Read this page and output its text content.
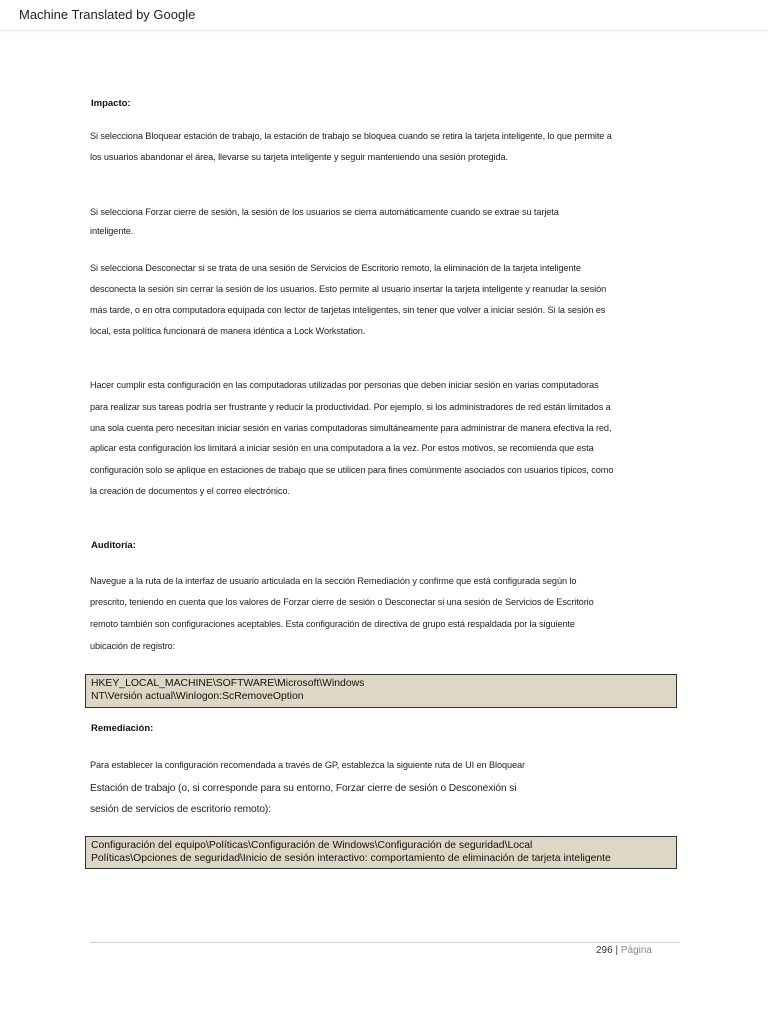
Machine Translated by Google

Impacto:

Si selecciona Bloquear estación de trabajo, la estación de trabajo se bloquea cuando se retira la tarjeta inteligente, lo que permite a

los usuarios abandonar el área, llevarse su tarjeta inteligente y seguir manteniendo una sesión protegida.

Si selecciona Forzar cierre de sesión, la sesión de los usuarios se cierra automáticamente cuando se extrae su tarjeta

inteligente.

Si selecciona Desconectar si se trata de una sesión de Servicios de Escritorio remoto, la eliminación de la tarjeta inteligente

desconecta la sesión sin cerrar la sesión de los usuarios. Esto permite al usuario insertar la tarjeta inteligente y reanudar la sesión

más tarde, o en otra computadora equipada con lector de tarjetas inteligentes, sin tener que volver a iniciar sesión. Si la sesión es

local, esta política funcionará de manera idéntica a Lock Workstation.

Hacer cumplir esta configuración en las computadoras utilizadas por personas que deben iniciar sesión en varias computadoras

para realizar sus tareas podría ser frustrante y reducir la productividad. Por ejemplo, si los administradores de red están limitados a

una sola cuenta pero necesitan iniciar sesión en varias computadoras simultáneamente para administrar de manera efectiva la red,

aplicar esta configuración los limitará a iniciar sesión en una computadora a la vez. Por estos motivos, se recomienda que esta

configuración solo se aplique en estaciones de trabajo que se utilicen para fines comúnmente asociados con usuarios típicos, como

la creación de documentos y el correo electrónico.

Auditoría:

Navegue a la ruta de la interfaz de usuario articulada en la sección Remediación y confirme que está configurada según lo

prescrito, teniendo en cuenta que los valores de Forzar cierre de sesión o Desconectar si una sesión de Servicios de Escritorio

remoto también son configuraciones aceptables. Esta configuración de directiva de grupo está respaldada por la siguiente

ubicación de registro:

HKEY_LOCAL_MACHINE\SOFTWARE\Microsoft\Windows
NT\Versión actual\Winlogon:ScRemoveOption

Remediación:

Para establecer la configuración recomendada a través de GP, establezca la siguiente ruta de UI en Bloquear

Estación de trabajo (o, si corresponde para su entorno, Forzar cierre de sesión o Desconexión si

sesión de servicios de escritorio remoto):

Configuración del equipo\Políticas\Configuración de Windows\Configuración de seguridad\Local
Políticas\Opciones de seguridad\Inicio de sesión interactivo: comportamiento de eliminación de tarjeta inteligente
296 | Página
